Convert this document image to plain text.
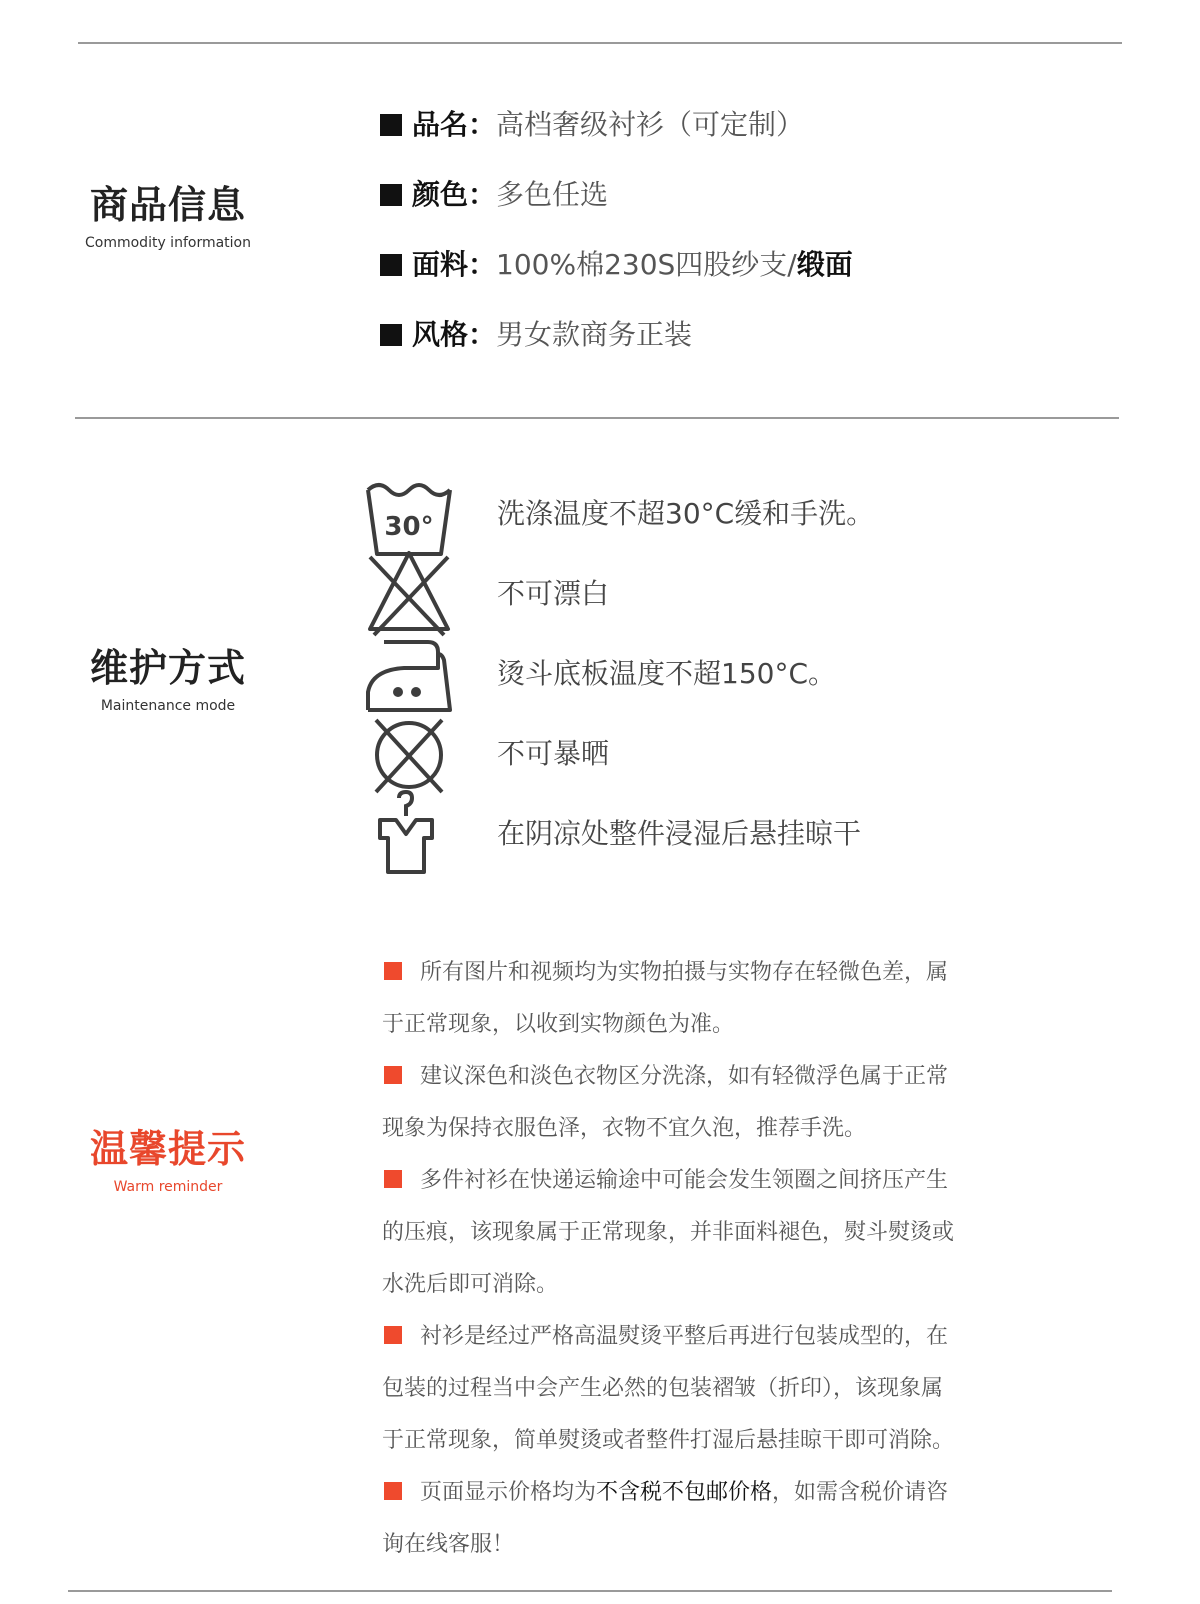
商品信息
Commodity information
品名：高档奢级衬衫（可定制）
颜色：多色任选
面料：100%棉230S四股纱支/缎面
风格：男女款商务正装
维护方式
Maintenance mode
30° 洗涤温度不超30°C缓和手洗。
不可漂白
烫斗底板温度不超150°C。
不可暴晒
在阴凉处整件浸湿后悬挂晾干
温馨提示
Warm reminder
所有图片和视频均为实物拍摄与实物存在轻微色差，属
于正常现象，以收到实物颜色为准。
建议深色和淡色衣物区分洗涤，如有轻微浮色属于正常
现象为保持衣服色泽，衣物不宜久泡，推荐手洗。
多件衬衫在快递运输途中可能会发生领圈之间挤压产生
的压痕，该现象属于正常现象，并非面料褪色，熨斗熨烫或
水洗后即可消除。
衬衫是经过严格高温熨烫平整后再进行包装成型的，在
包装的过程当中会产生必然的包装褶皱（折印），该现象属
于正常现象，简单熨烫或者整件打湿后悬挂晾干即可消除。
页面显示价格均为不含税不包邮价格，如需含税价请咨
询在线客服！
